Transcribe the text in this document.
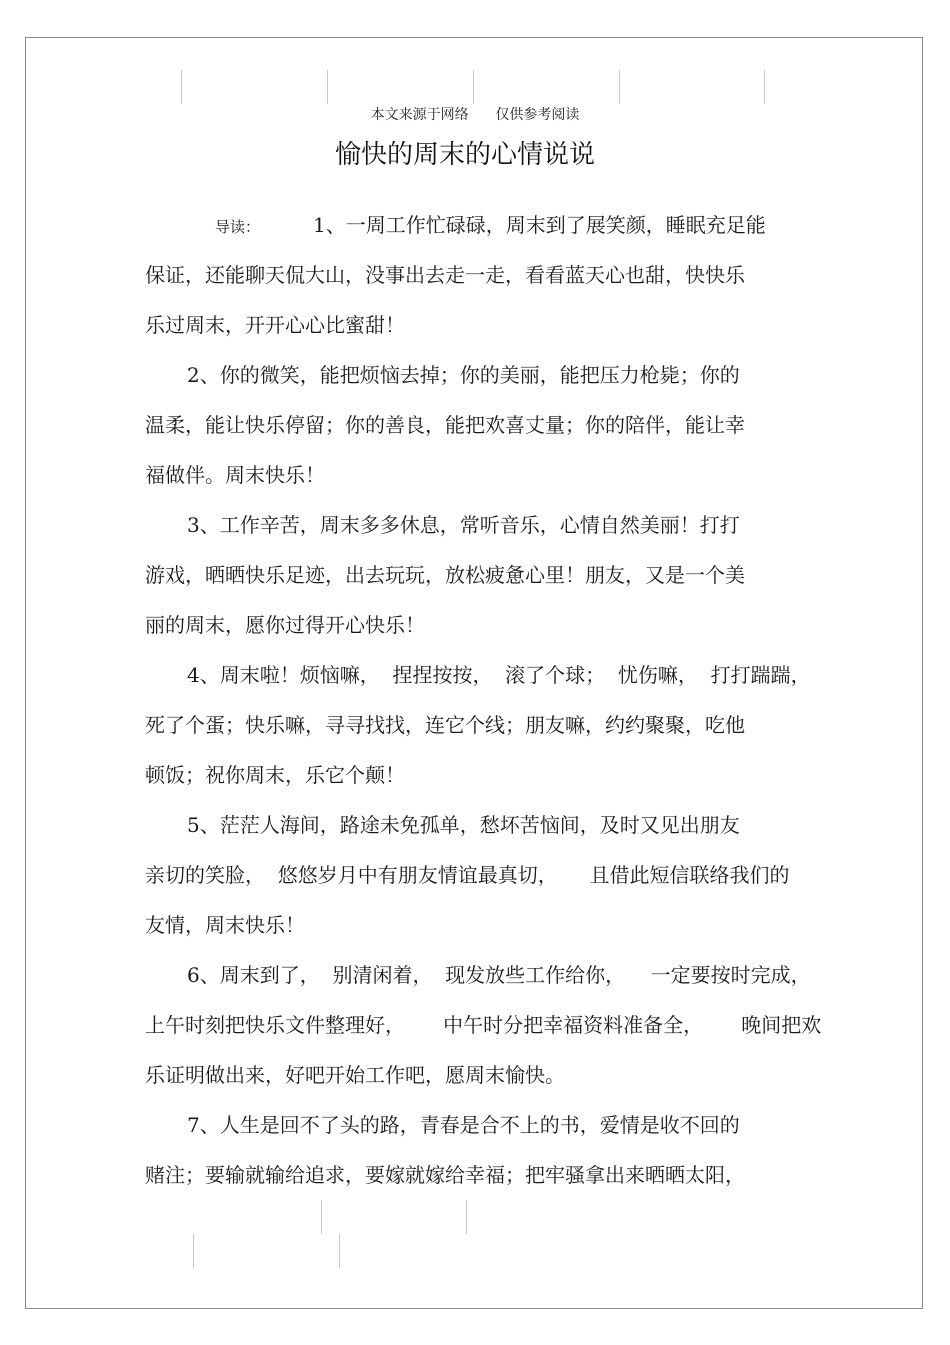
本文来源于网络      仅供参考阅读
愉快的周末的心情说说
导读：	1、一周工作忙碌碌，周末到了展笑颜，睡眠充足能
保证，还能聊天侃大山，没事出去走一走，看看蓝天心也甜，快快乐
乐过周末，开开心心比蜜甜！
2、你的微笑，能把烦恼去掉；你的美丽，能把压力枪毙；你的
温柔，能让快乐停留；你的善良，能把欢喜丈量；你的陪伴，能让幸
福做伴。周末快乐！
3、工作辛苦，周末多多休息，常听音乐，心情自然美丽！打打
游戏，晒晒快乐足迹，出去玩玩，放松疲惫心里！朋友，又是一个美
丽的周末，愿你过得开心快乐！
4、周末啦！烦恼嘛，  捏捏按按，  滚了个球；  忧伤嘛，  打打踹踹，
死了个蛋；快乐嘛，寻寻找找，连它个线；朋友嘛，约约聚聚，吃他
顿饭；祝你周末，乐它个颠！
5、茫茫人海间，路途未免孤单，愁坏苦恼间，及时又见出朋友
亲切的笑脸，  悠悠岁月中有朋友情谊最真切，     且借此短信联络我们的
友情，周末快乐！
6、周末到了，  别清闲着，  现发放些工作给你，    一定要按时完成，
上午时刻把快乐文件整理好，      中午时分把幸福资料准备全，      晚间把欢
乐证明做出来，好吧开始工作吧，愿周末愉快。
7、人生是回不了头的路，青春是合不上的书，爱情是收不回的
赌注；要输就输给追求，要嫁就嫁给幸福；把牢骚拿出来晒晒太阳，
